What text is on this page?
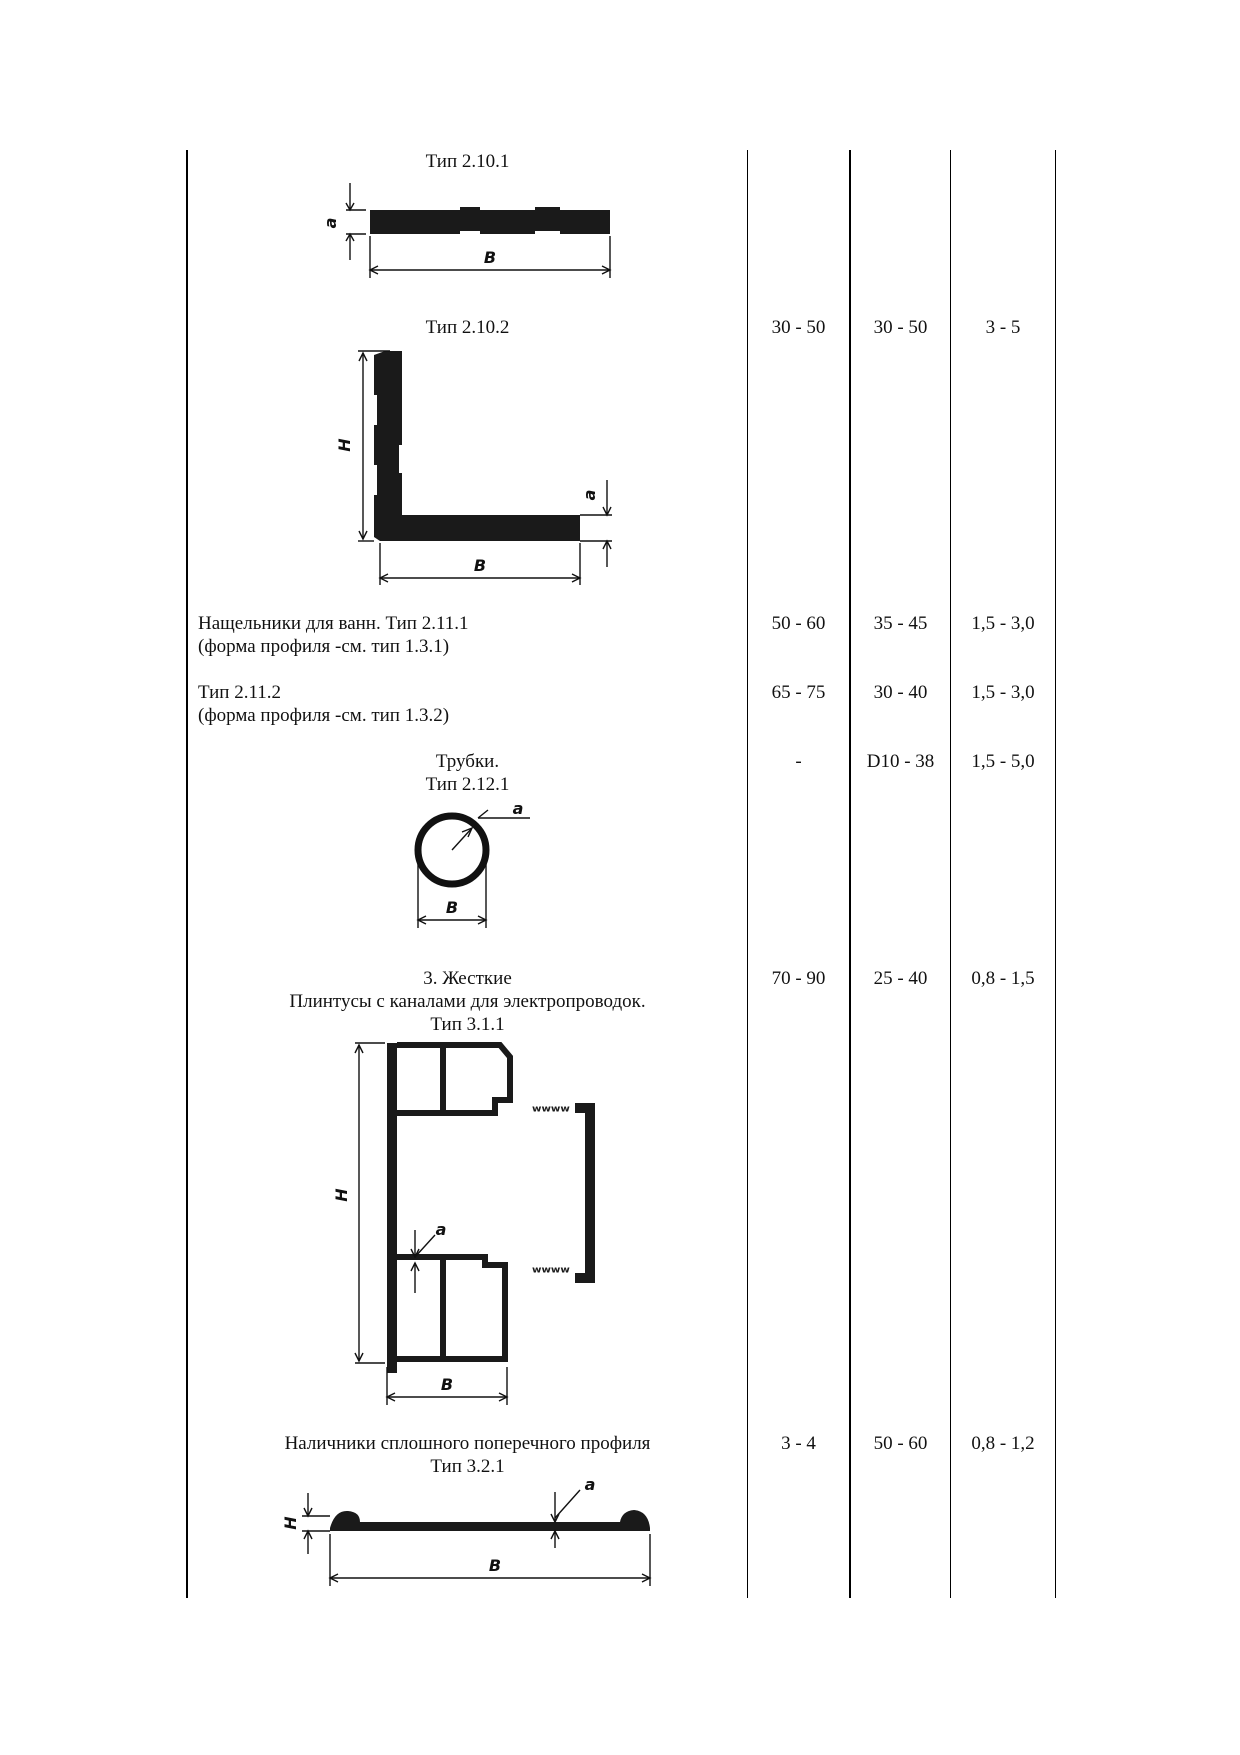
Тип 2.10.1
a
B
Тип 2.10.2	30 - 50	30 - 50	3 - 5
H
a
B
Нащельники для ванн. Тип 2.11.1
(форма профиля -см. тип 1.3.1)
50 - 60	35 - 45	1,5 - 3,0
Тип 2.11.2
(форма профиля -см. тип 1.3.2)
65 - 75	30 - 40	1,5 - 3,0
Трубки.
Тип 2.12.1
-	D10 - 38	1,5 - 5,0
a
B
3. Жесткие
Плинтусы с каналами для электропроводок.
Тип 3.1.1
70 - 90	25 - 40	0,8 - 1,5
ʷʷʷʷ
ʷʷʷʷ
H
a
B
Наличники сплошного поперечного профиля
Тип 3.2.1
3 - 4	50 - 60	0,8 - 1,2
H
a
B
